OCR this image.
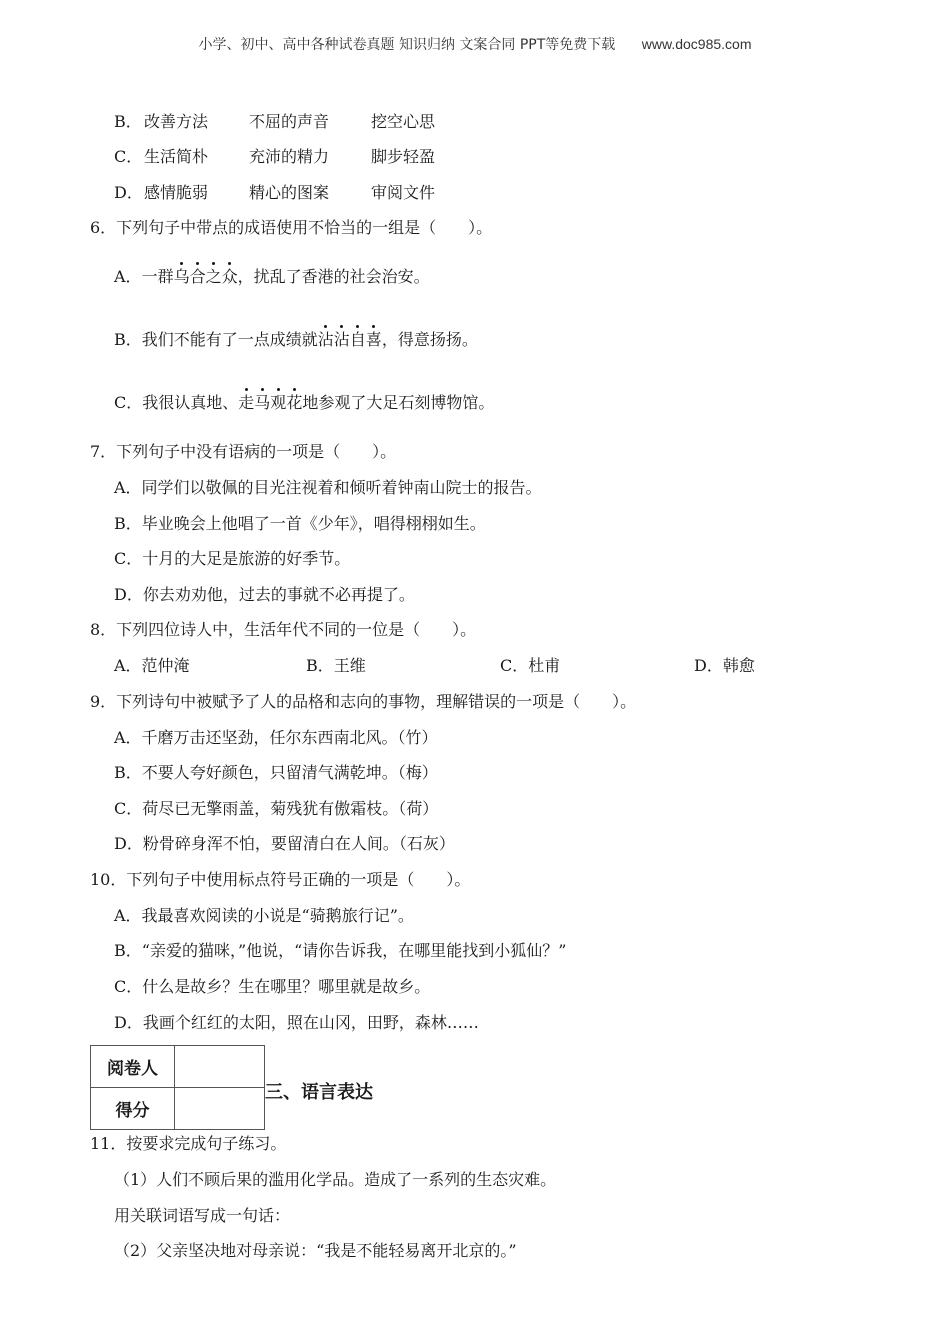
小学、初中、高中各种试卷真题 知识归纳 文案合同 PPT等免费下载 www.doc985.com
B． 改善方法	不屈的声音	挖空心思
C． 生活简朴	充沛的精力	脚步轻盈
D．感情脆弱	精心的图案	审阅文件
6．下列句子中带点的成语使用不恰当的一组是（　　）。
A．一群乌合之众，扰乱了香港的社会治安。
B．我们不能有了一点成绩就沾沾自喜，得意扬扬。
C．我很认真地、走马观花地参观了大足石刻博物馆。
7．下列句子中没有语病的一项是（　　）。
A．同学们以敬佩的目光注视着和倾听着钟南山院士的报告。
B．毕业晚会上他唱了一首《少年》，唱得栩栩如生。
C．十月的大足是旅游的好季节。
D．你去劝劝他，过去的事就不必再提了。
8．下列四位诗人中，生活年代不同的一位是（　　）。
A．范仲淹	B．王维	C．杜甫	D．韩愈
9．下列诗句中被赋予了人的品格和志向的事物，理解错误的一项是（　　）。
A．千磨万击还坚劲，任尔东西南北风。（竹）
B．不要人夸好颜色，只留清气满乾坤。（梅）
C．荷尽已无擎雨盖，菊残犹有傲霜枝。（荷）
D．粉骨碎身浑不怕，要留清白在人间。（石灰）
10．下列句子中使用标点符号正确的一项是（　　）。
A．我最喜欢阅读的小说是“骑鹅旅行记”。
B．“亲爱的猫咪，”他说，“请你告诉我，在哪里能找到小狐仙？”
C．什么是故乡？生在哪里？哪里就是故乡。
D．我画个红红的太阳，照在山冈，田野，森林……
阅卷人	
得分	
三、语言表达
11．按要求完成句子练习。
（1）人们不顾后果的滥用化学品。造成了一系列的生态灾难。
用关联词语写成一句话：
（2）父亲坚决地对母亲说：“我是不能轻易离开北京的。”
